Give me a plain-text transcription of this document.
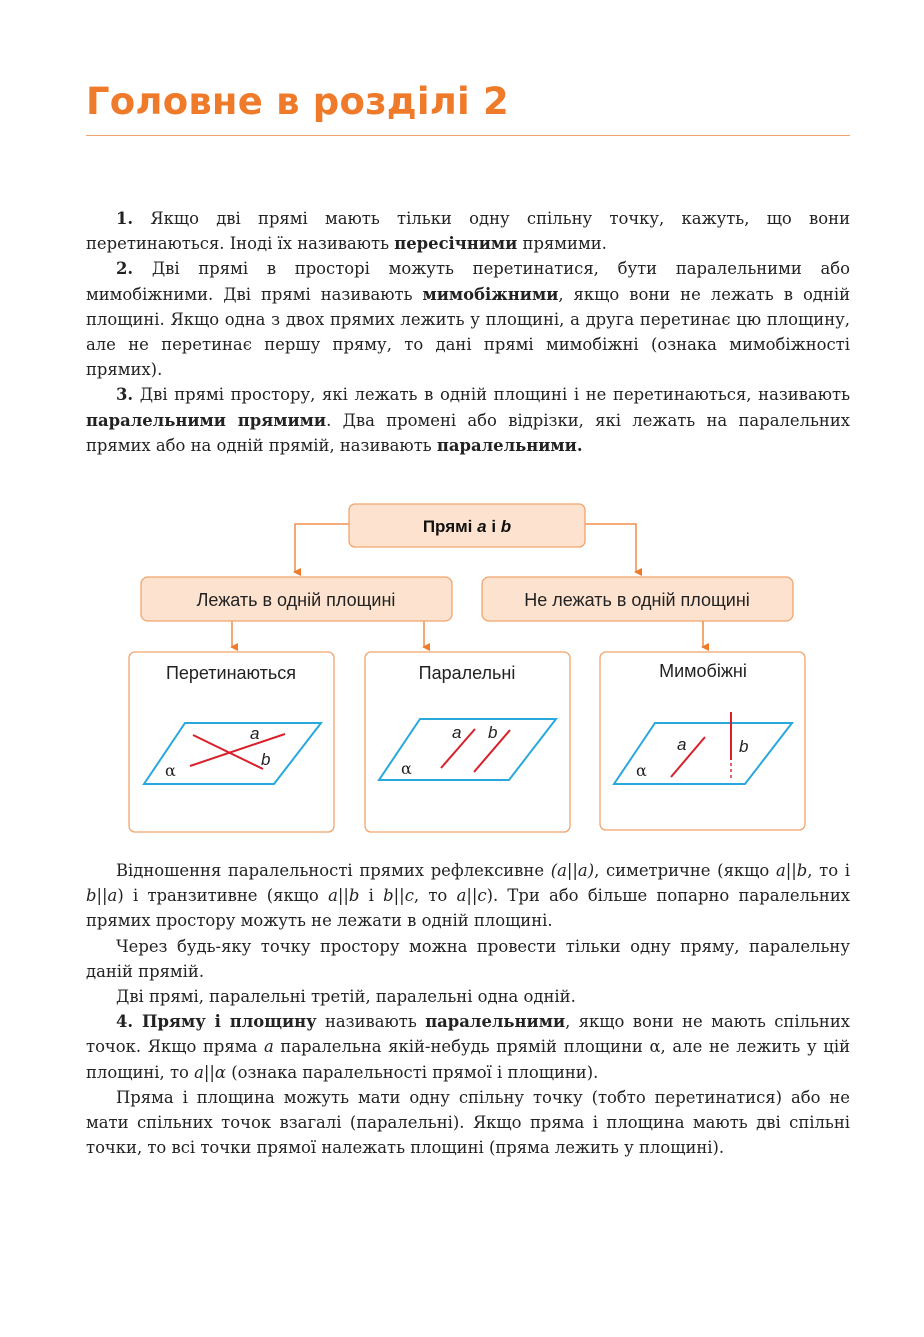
Головне в розділі 2

1. Якщо дві прямі мають тільки одну спільну точку, кажуть, що вони перетинаються. Іноді їх називають пересічними прямими.

2. Дві прямі в просторі можуть перетинатися, бути паралельними або мимобіжними. Дві прямі називають мимобіжними, якщо вони не лежать в одній площині. Якщо одна з двох прямих лежить у площині, а друга перетинає цю площину, але не перетинає першу пряму, то дані прямі мимобіжні (ознака мимобіжності прямих).

3. Дві прямі простору, які лежать в одній площині і не перетинаються, називають паралельними прямими. Два промені або відрізки, які лежать на паралельних прямих або на одній прямій, називають паралельними.

Прямі a і b
Лежать в одній площині	Не лежать в одній площині
Перетинаються
a
b
α
Паралельні
a b
α
Мимобіжні
a	b
α

Відношення паралельності прямих рефлексивне (a||a), симетричне (якщо a||b, то і b||a) і транзитивне (якщо a||b і b||c, то a||c). Три або більше попарно паралельних прямих простору можуть не лежати в одній площині.

Через будь-яку точку простору можна провести тільки одну пряму, паралельну даній прямій.

Дві прямі, паралельні третій, паралельні одна одній.

4. Пряму і площину називають паралельними, якщо вони не мають спільних точок. Якщо пряма a паралельна якій-небудь прямій площини α, але не лежить у цій площині, то a||α (ознака паралельності прямої і площини).

Пряма і площина можуть мати одну спільну точку (тобто перетинатися) або не мати спільних точок взагалі (паралельні). Якщо пряма і площина мають дві спільні точки, то всі точки прямої належать площині (пряма лежить у площині).
